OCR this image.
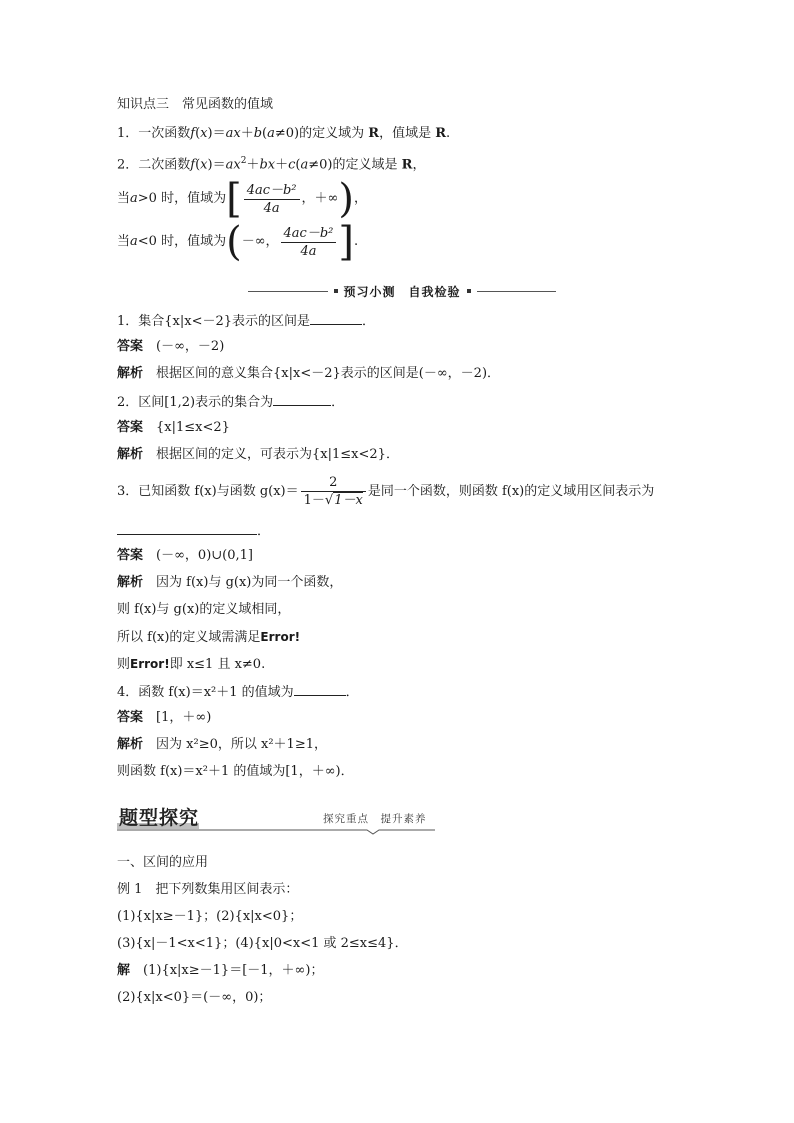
知识点三　常见函数的值域
1．一次函数f(x)＝ax＋b(a≠0)的定义域为 R，值域是 R.
2．二次函数$f(x)=ax^2+bx+c(a\ne 0)$的定义域是 R，
当 a >0 时，值域为 [ $\frac{\text{4ac－b²}}{4a}$ ，＋∞ ) ，
当 a <0 时，值域为 ( －∞， $\frac{\text{4ac－b²}}{4a}$ ] .
预习小测　自我检验
1．集合{x|x<－2}表示的区间是	．
答案　 (－∞，－2)
解析　 根据区间的意义集合{x|x<－2}表示的区间是(－∞，－2)．
2．区间[1,2)表示的集合为	．
答案　 {x|1≤x<2}
解析　 根据区间的定义，可表示为{x|1≤x<2}．
3．已知函数 f(x)与函数 $g(x)= \frac{2}{1-√1-x}$ 是同一个函数，则函数 f(x)的定义域用区间表示为
．
答案　 (－∞，0)∪(0,1]
解析　 因为 f(x)与 g(x)为同一个函数，
则 f(x)与 g(x)的定义域相同，
所以 f(x)的定义域需满足Error!
则Error!即 x≤1 且 x≠0.
4．函数 f(x)＝x²＋1 的值域为	．
答案　 [1，＋∞)
解析　 因为 x²≥0，所以 x²＋1≥1，
则函数 f(x)＝x²＋1 的值域为[1，＋∞)．
题型探究	探究重点　提升素养
一、区间的应用
例 1　 把下列数集用区间表示：
(1){x|x≥－1}；(2){x|x<0}；
(3){x|－1<x<1}；(4){x|0<x<1 或 2≤x≤4}．
解　 (1){x|x≥－1}＝[－1，＋∞)；
(2){x|x<0}＝(－∞，0)；
